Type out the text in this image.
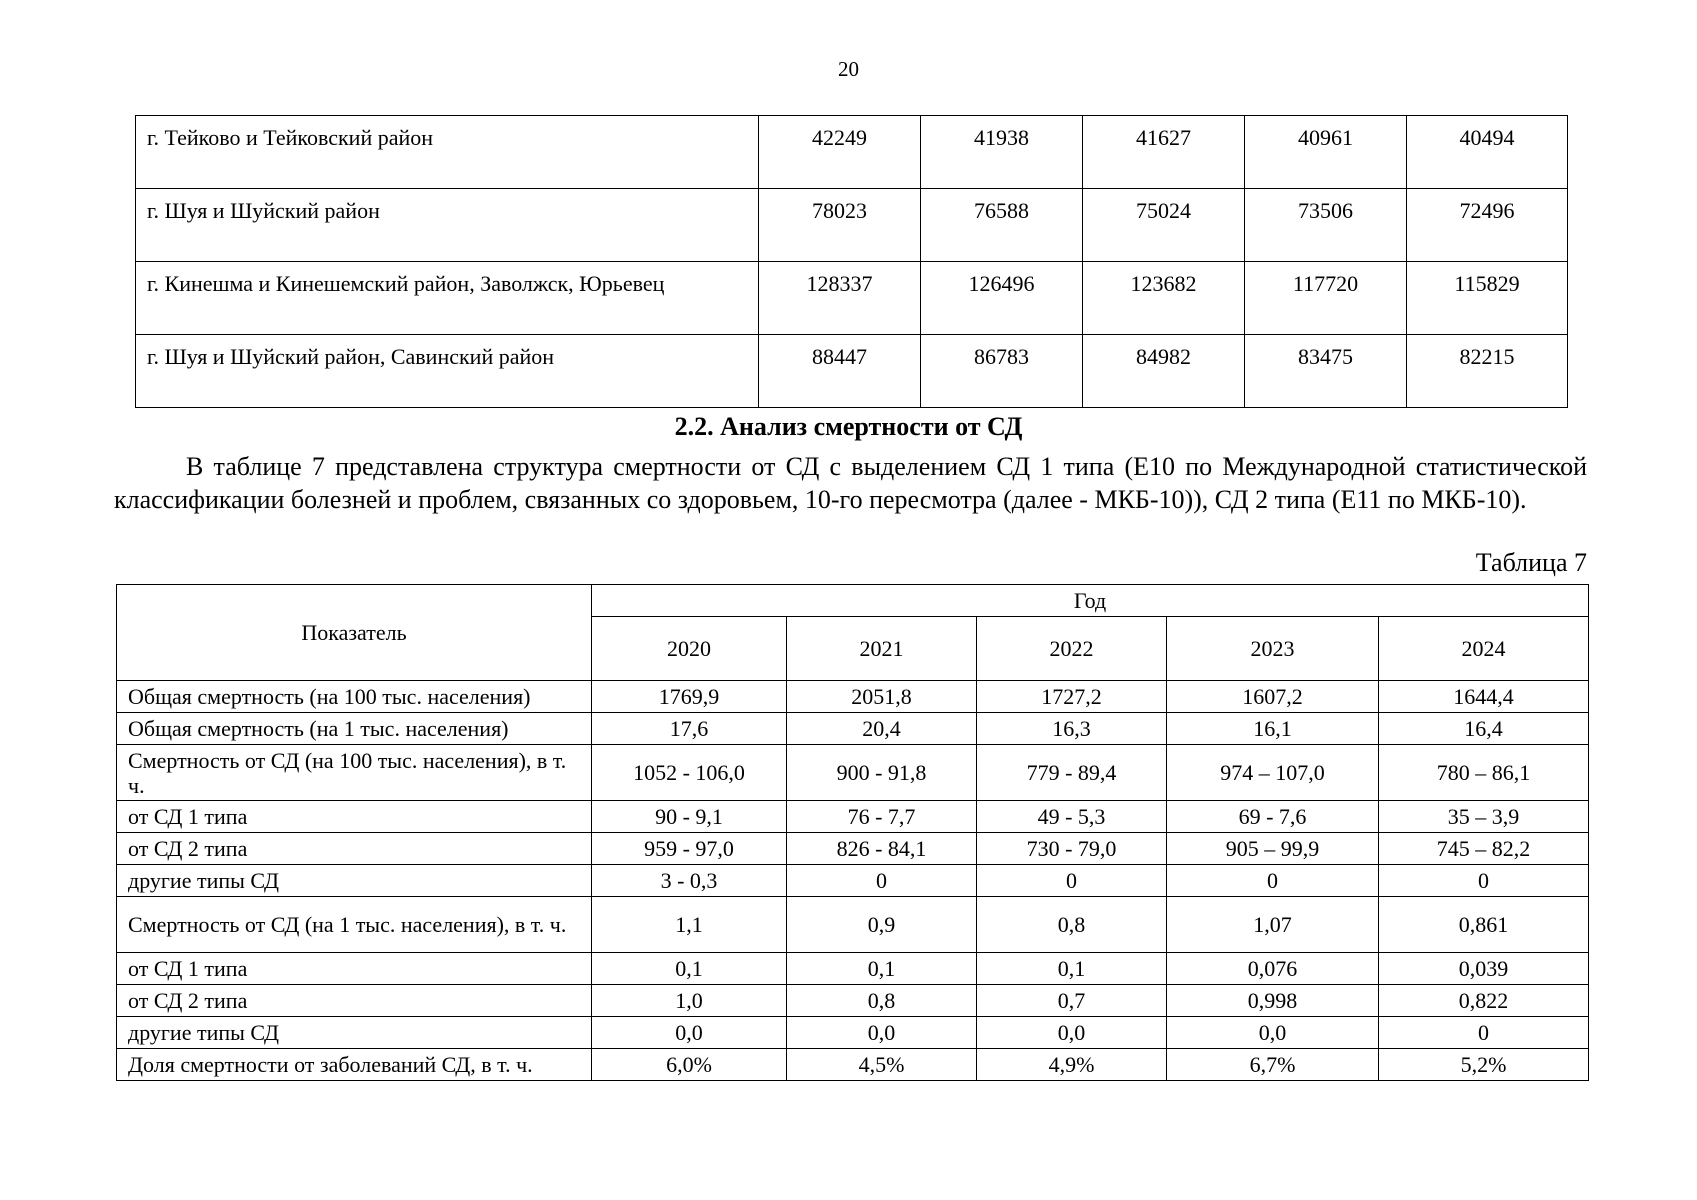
20
г. Тейково и Тейковский район	42249	41938	41627	40961	40494
г. Шуя и Шуйский район	78023	76588	75024	73506	72496
г. Кинешма и Кинешемский район, Заволжск, Юрьевец	128337	126496	123682	117720	115829
г. Шуя и Шуйский район, Савинский район	88447	86783	84982	83475	82215
2.2. Анализ смертности от СД
В таблице 7 представлена структура смертности от СД с выделением СД 1 типа (Е10 по Международной статистической классификации болезней и проблем, связанных со здоровьем, 10-го пересмотра (далее - МКБ-10)), СД 2 типа (Е11 по МКБ-10).
Таблица 7
Показатель	Год				
	2020	2021	2022	2023	2024
Общая смертность (на 100 тыс. населения)	1769,9	2051,8	1727,2	1607,2	1644,4
Общая смертность (на 1 тыс. населения)	17,6	20,4	16,3	16,1	16,4
Смертность от СД (на 100 тыс. населения), в т. ч.	1052 - 106,0	900 - 91,8	779 - 89,4	974 – 107,0	780 – 86,1
от СД 1 типа	90 - 9,1	76 - 7,7	49 - 5,3	69 - 7,6	35 – 3,9
от СД 2 типа	959 - 97,0	826 - 84,1	730 - 79,0	905 – 99,9	745 – 82,2
другие типы СД	3 - 0,3	0	0	0	0
Смертность от СД (на 1 тыс. населения), в т. ч.	1,1	0,9	0,8	1,07	0,861
от СД 1 типа	0,1	0,1	0,1	0,076	0,039
от СД 2 типа	1,0	0,8	0,7	0,998	0,822
другие типы СД	0,0	0,0	0,0	0,0	0
Доля смертности от заболеваний СД, в т. ч.	6,0%	4,5%	4,9%	6,7%	5,2%
